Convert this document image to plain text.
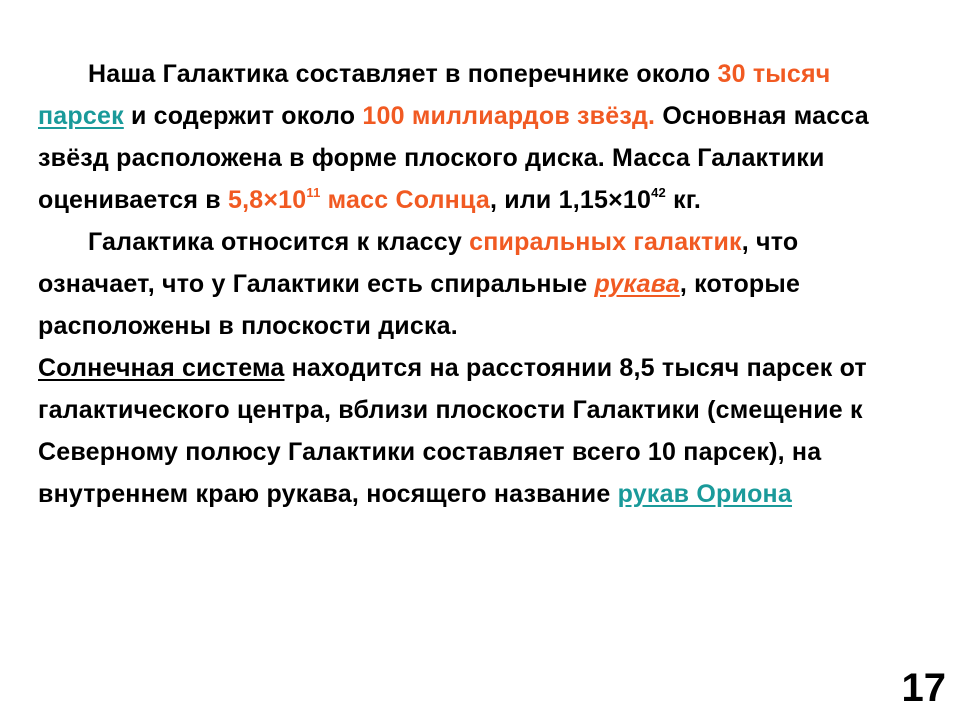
Наша Галактика составляет в поперечнике около 30 тысяч парсек и содержит около 100 миллиардов звёзд. Основная масса звёзд расположена в форме плоского диска. Масса Галактики оценивается в $5,8\times 10^{11}$ масс Солнца, или $1,15\times 10^{42}$ кг.

Галактика относится к классу спиральных галактик, что означает, что у Галактики есть спиральные рукава, которые расположены в плоскости диска.

Солнечная система находится на расстоянии 8,5 тысяч парсек от галактического центра, вблизи плоскости Галактики (смещение к Северному полюсу Галактики составляет всего 10 парсек), на внутреннем краю рукава, носящего название рукав Ориона

17
